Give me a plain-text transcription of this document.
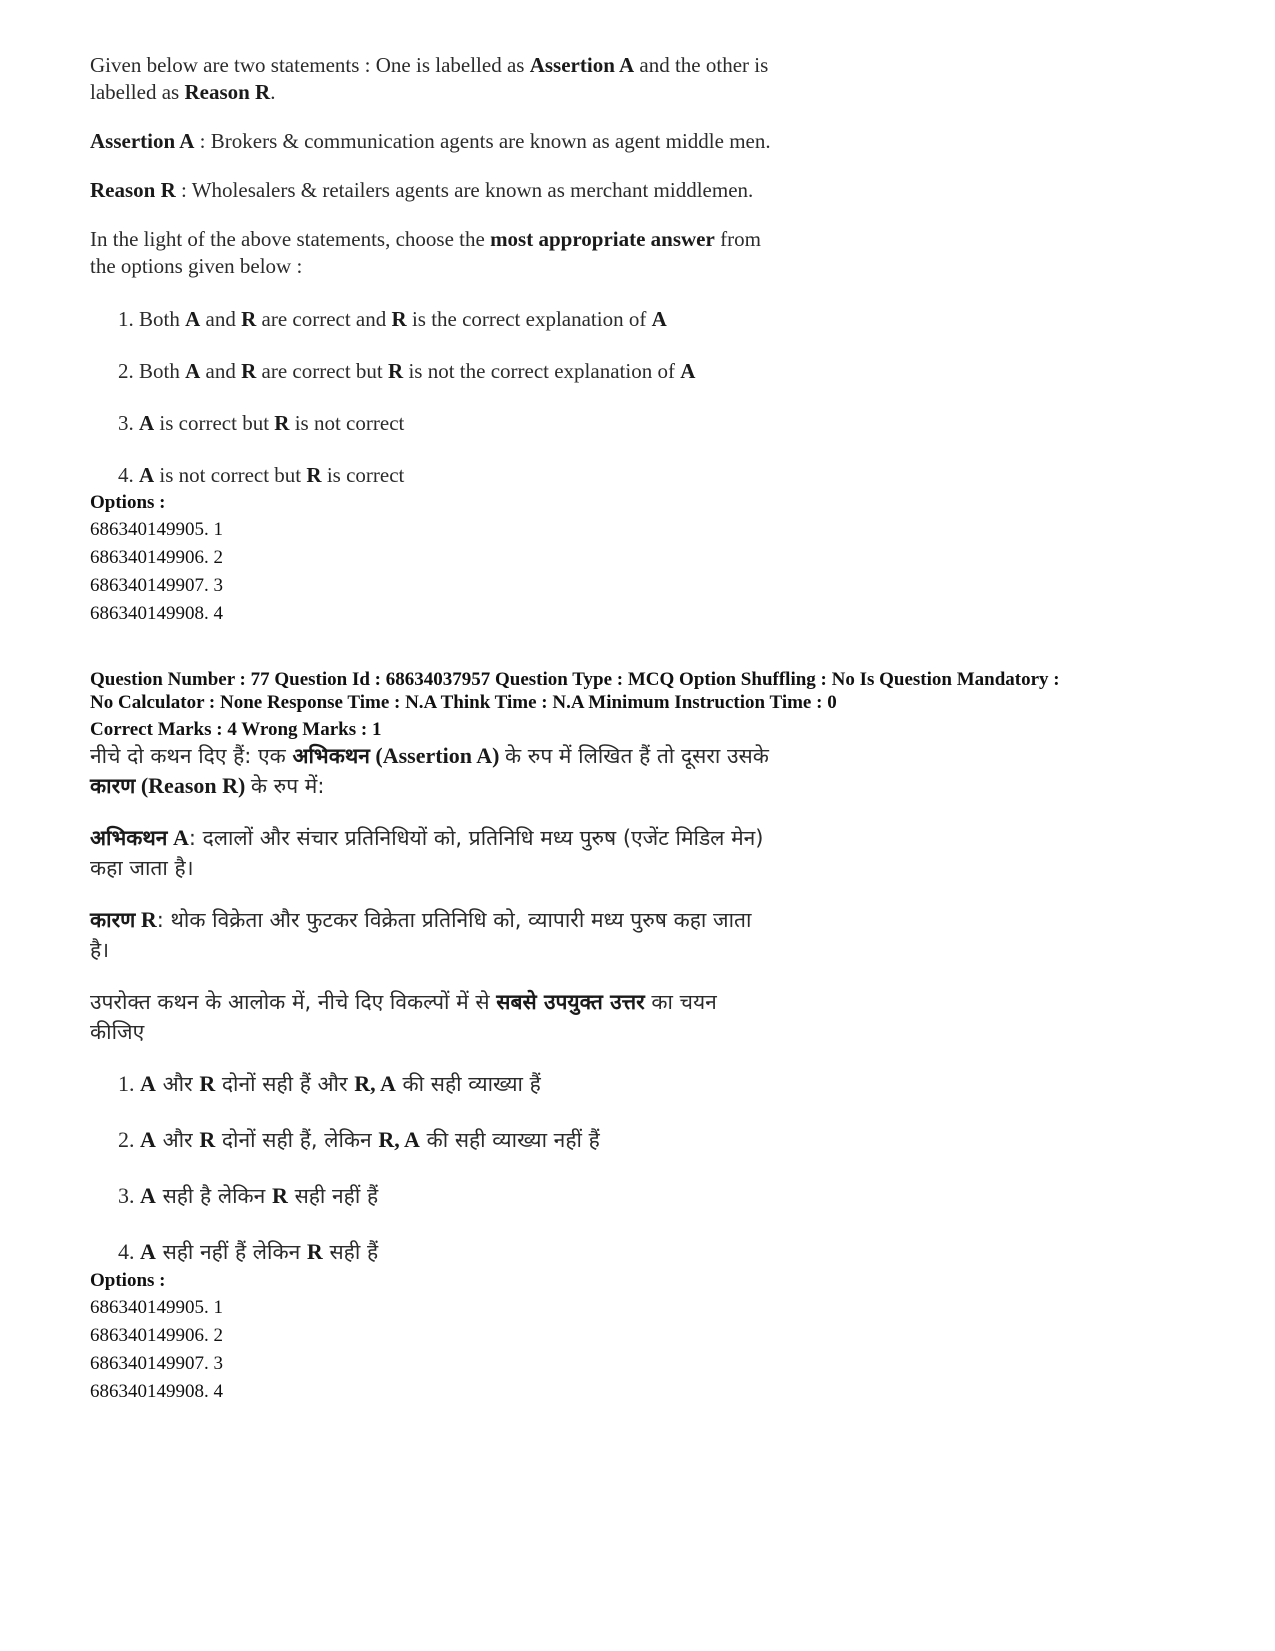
Given below are two statements : One is labelled as Assertion A and the other is

labelled as Reason R.

Assertion A : Brokers & communication agents are known as agent middle men.

Reason R : Wholesalers & retailers agents are known as merchant middlemen.

In the light of the above statements, choose the most appropriate answer from

the options given below :

1. Both A and R are correct and R is the correct explanation of A
2. Both A and R are correct but R is not the correct explanation of A
3. A is correct but R is not correct
4. A is not correct but R is correct
Options :
686340149905. 1
686340149906. 2
686340149907. 3
686340149908. 4
Question Number : 77 Question Id : 68634037957 Question Type : MCQ Option Shuffling : No Is Question Mandatory :
No Calculator : None Response Time : N.A Think Time : N.A Minimum Instruction Time : 0
Correct Marks : 4 Wrong Marks : 1

नीचे दो कथन दिए हैं: एक अभिकथन (Assertion A) के रुप में लिखित हैं तो दूसरा उसके

कारण (Reason R) के रुप में:

अभिकथन A: दलालों और संचार प्रतिनिधियों को, प्रतिनिधि मध्य पुरुष (एजेंट मिडिल मेन)

कहा जाता है।

कारण R: थोक विक्रेता और फुटकर विक्रेता प्रतिनिधि को, व्यापारी मध्य पुरुष कहा जाता

है।

उपरोक्त कथन के आलोक में, नीचे दिए विकल्पों में से सबसे उपयुक्त उत्तर का चयन

कीजिए

1. A और R दोनों सही हैं और R, A की सही व्याख्या हैं
2. A और R दोनों सही हैं, लेकिन R, A की सही व्याख्या नहीं हैं
3. A सही है लेकिन R सही नहीं हैं
4. A सही नहीं हैं लेकिन R सही हैं
Options :
686340149905. 1
686340149906. 2
686340149907. 3
686340149908. 4
